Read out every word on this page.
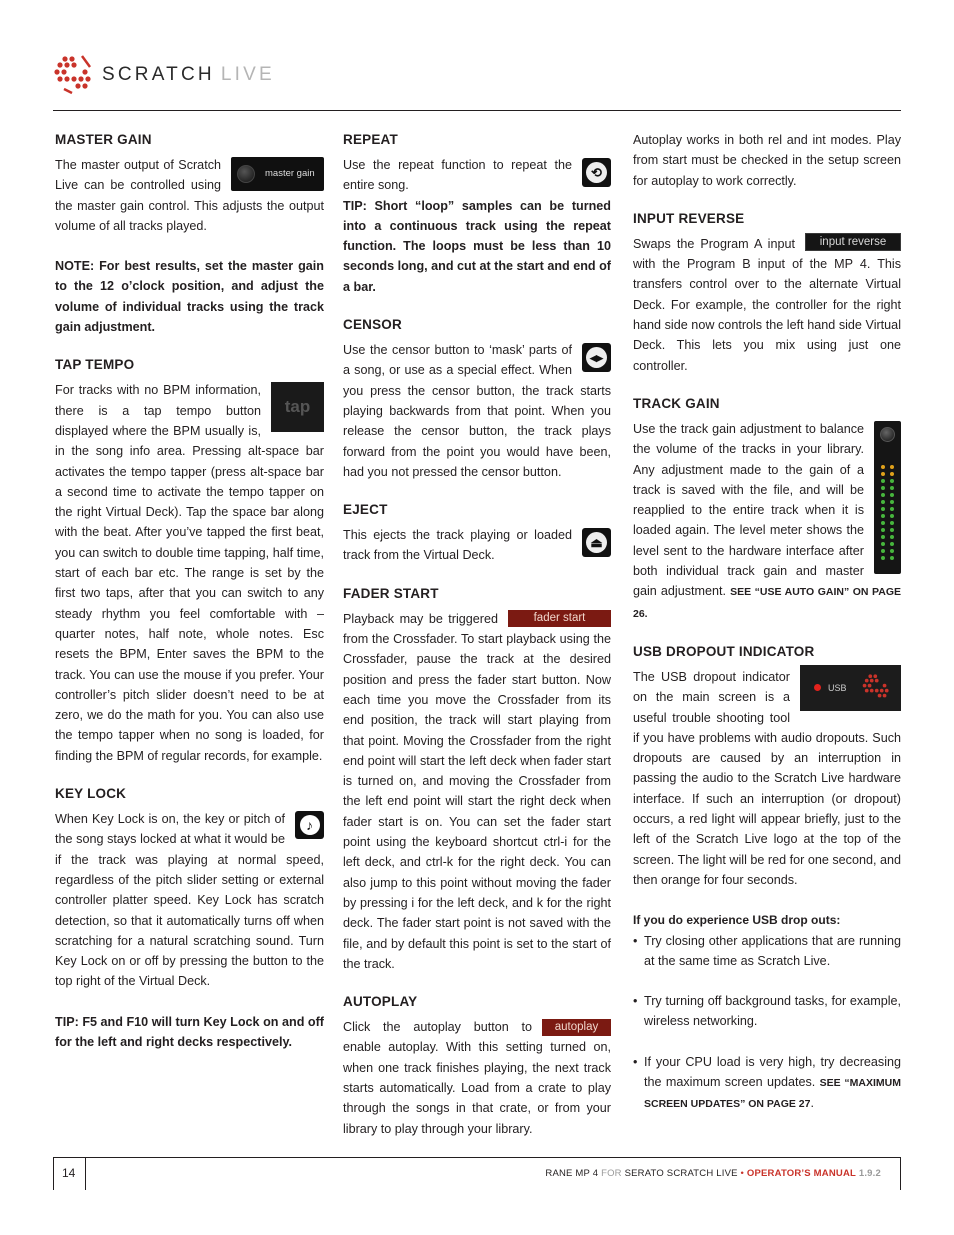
SCRATCH LIVE
MASTER GAIN
master gain

The master output of Scratch Live can be controlled using the master gain control. This adjusts the output volume of all tracks played.

NOTE: For best results, set the master gain to the 12 o’clock position, and adjust the volume of individual tracks using the track gain adjustment.

TAP TEMPO
tap

For tracks with no BPM information, there is a tap tempo button displayed where the BPM usually is, in the song info area. Pressing alt-space bar activates the tempo tapper (press alt-space bar a second time to activate the tempo tapper on the right Virtual Deck). Tap the space bar along with the beat. After you’ve tapped the first beat, you can switch to double time tapping, half time, start of each bar etc. The range is set by the first two taps, after that you can switch to any steady rhythm you feel comfortable with – quarter notes, half note, whole notes. Esc resets the BPM, Enter saves the BPM to the track. You can use the mouse if you prefer. Your controller’s pitch slider doesn’t need to be at zero, we do the math for you. You can also use the tempo tapper when no song is loaded, for finding the BPM of regular records, for example.

KEY LOCK
♪

When Key Lock is on, the key or pitch of the song stays locked at what it would be if the track was playing at normal speed, regardless of the pitch slider setting or external controller platter speed. Key Lock has scratch detection, so that it automatically turns off when scratching for a natural scratching sound. Turn Key Lock on or off by pressing the button to the top right of the Virtual Deck.

TIP: F5 and F10 will turn Key Lock on and off for the left and right decks respectively.

REPEAT
⟲

Use the repeat function to repeat the entire song.

TIP: Short “loop” samples can be turned into a continuous track using the repeat function. The loops must be less than 10 seconds long, and cut at the start and end of a bar.

CENSOR
◂▸

Use the censor button to ‘mask’ parts of a song, or use as a special effect. When you press the censor button, the track starts playing backwards from that point. When you release the censor button, the track plays forward from the point you would have been, had you not pressed the censor button.

EJECT
⏏

This ejects the track playing or loaded track from the Virtual Deck.

FADER START
fader start

Playback may be triggered from the Crossfader. To start playback using the Crossfader, pause the track at the desired position and press the fader start button. Now each time you move the Crossfader from its end position, the track will start playing from that point. Moving the Crossfader from the right end point will start the left deck when fader start is turned on, and moving the Crossfader from the left end point will start the right deck when fader start is on. You can set the fader start point using the keyboard shortcut ctrl-i for the left deck, and ctrl-k for the right deck. You can also jump to this point without moving the fader by pressing i for the left deck, and k for the right deck. The fader start point is not saved with the file, and by default this point is set to the start of the track.

AUTOPLAY
autoplay

Click the autoplay button to enable autoplay. With this setting turned on, when one track finishes playing, the next track starts automatically. Load from a crate to play through the songs in that crate, or from your library to play through your library.

Autoplay works in both rel and int modes. Play from start must be checked in the setup screen for autoplay to work correctly.

INPUT REVERSE
input reverse

Swaps the Program A input with the Program B input of the MP 4. This transfers control over to the alternate Virtual Deck. For example, the controller for the right hand side now controls the left hand side Virtual Deck. This lets you mix using just one controller.

TRACK GAIN

Use the track gain adjustment to balance the volume of the tracks in your library. Any adjustment made to the gain of a track is saved with the file, and will be reapplied to the entire track when it is loaded again. The level meter shows the level sent to the hardware interface after both individual track gain and master gain adjustment. SEE “USE AUTO GAIN” ON PAGE 26.

USB DROPOUT INDICATOR
USB

The USB dropout indicator on the main screen is a useful trouble shooting tool if you have problems with audio dropouts. Such dropouts are caused by an interruption in passing the audio to the Scratch Live hardware interface. If such an interruption (or dropout) occurs, a red light will appear briefly, just to the left of the Scratch Live logo at the top of the screen. The light will be red for one second, and then orange for four seconds.

If you do experience USB drop outs:

• Try closing other applications that are running at the same time as Scratch Live.
• Try turning off background tasks, for example, wireless networking.
• If your CPU load is very high, try decreasing the maximum screen updates. SEE “MAXIMUM SCREEN UPDATES” ON PAGE 27.
14	RANE MP 4 FOR SERATO SCRATCH LIVE • OPERATOR’S MANUAL 1.9.2
